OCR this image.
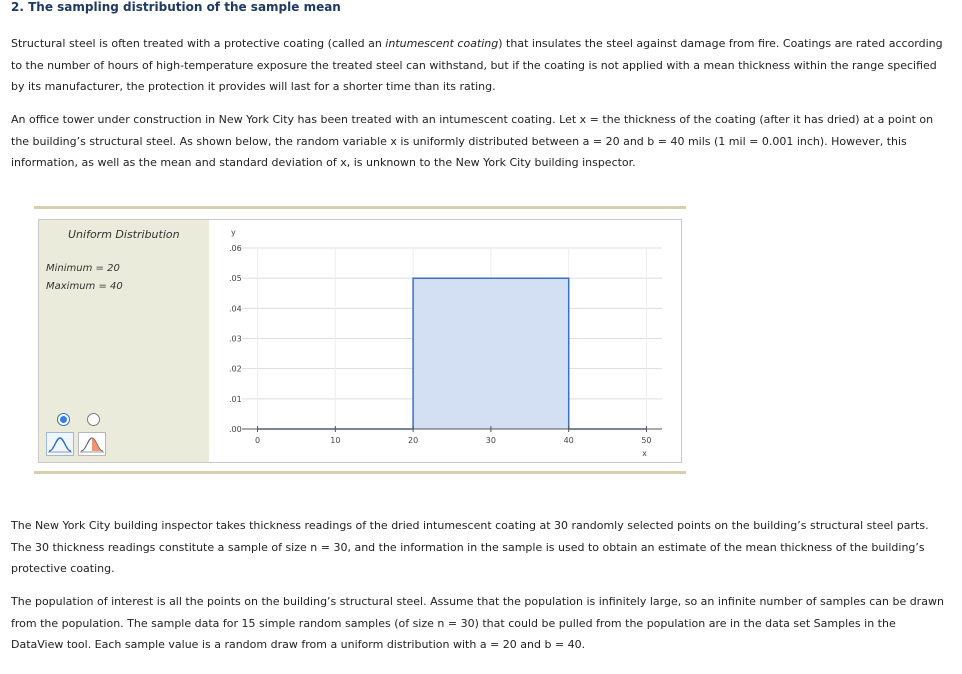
2. The sampling distribution of the sample mean
Structural steel is often treated with a protective coating (called an intumescent coating) that insulates the steel against damage from fire. Coatings are rated according to the number of hours of high-temperature exposure the treated steel can withstand, but if the coating is not applied with a mean thickness within the range specified by its manufacturer, the protection it provides will last for a shorter time than its rating.
An office tower under construction in New York City has been treated with an intumescent coating. Let x = the thickness of the coating (after it has dried) at a point on the building’s structural steel. As shown below, the random variable x is uniformly distributed between a = 20 and b = 40 mils (1 mil = 0.001 inch). However, this information, as well as the mean and standard deviation of x, is unknown to the New York City building inspector.
Uniform Distribution
Minimum = 20
Maximum = 40
.00
.01
.02
.03
.04
.05
.06
0	10	20	30	40	50
y
x
The New York City building inspector takes thickness readings of the dried intumescent coating at 30 randomly selected points on the building’s structural steel parts. The 30 thickness readings constitute a sample of size n = 30, and the information in the sample is used to obtain an estimate of the mean thickness of the building’s protective coating.
The population of interest is all the points on the building’s structural steel. Assume that the population is infinitely large, so an infinite number of samples can be drawn from the population. The sample data for 15 simple random samples (of size n = 30) that could be pulled from the population are in the data set Samples in the DataView tool. Each sample value is a random draw from a uniform distribution with a = 20 and b = 40.
